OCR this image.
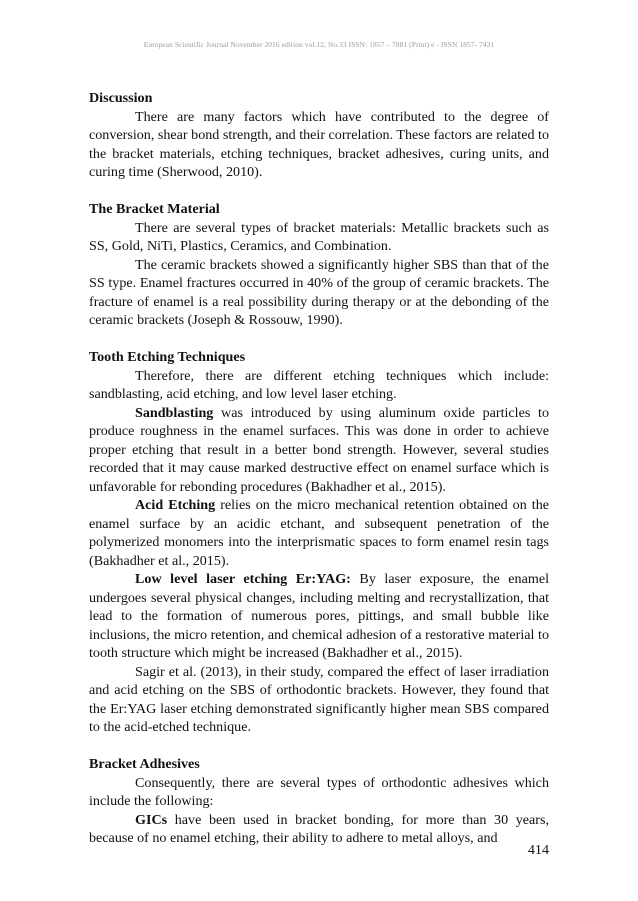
European Scientific Journal November 2016 edition vol.12, No.33 ISSN: 1857 – 7881 (Print) e - ISSN 1857- 7431
Discussion

There are many factors which have contributed to the degree of conversion, shear bond strength, and their correlation. These factors are related to the bracket materials, etching techniques, bracket adhesives, curing units, and curing time (Sherwood, 2010).

The Bracket Material

There are several types of bracket materials: Metallic brackets such as SS, Gold, NiTi, Plastics, Ceramics, and Combination.

The ceramic brackets showed a significantly higher SBS than that of the SS type. Enamel fractures occurred in 40% of the group of ceramic brackets. The fracture of enamel is a real possibility during therapy or at the debonding of the ceramic brackets (Joseph & Rossouw, 1990).

Tooth Etching Techniques

Therefore, there are different etching techniques which include: sandblasting, acid etching, and low level laser etching.

Sandblasting was introduced by using aluminum oxide particles to produce roughness in the enamel surfaces. This was done in order to achieve proper etching that result in a better bond strength. However, several studies recorded that it may cause marked destructive effect on enamel surface which is unfavorable for rebonding procedures (Bakhadher et al., 2015).

Acid Etching relies on the micro mechanical retention obtained on the enamel surface by an acidic etchant, and subsequent penetration of the polymerized monomers into the interprismatic spaces to form enamel resin tags (Bakhadher et al., 2015).

Low level laser etching Er:YAG: By laser exposure, the enamel undergoes several physical changes, including melting and recrystallization, that lead to the formation of numerous pores, pittings, and small bubble like inclusions, the micro retention, and chemical adhesion of a restorative material to tooth structure which might be increased (Bakhadher et al., 2015).

Sagir et al. (2013), in their study, compared the effect of laser irradiation and acid etching on the SBS of orthodontic brackets. However, they found that the Er:YAG laser etching demonstrated significantly higher mean SBS compared to the acid-etched technique.

Bracket Adhesives

Consequently, there are several types of orthodontic adhesives which include the following:

GICs have been used in bracket bonding, for more than 30 years, because of no enamel etching, their ability to adhere to metal alloys, and

414
